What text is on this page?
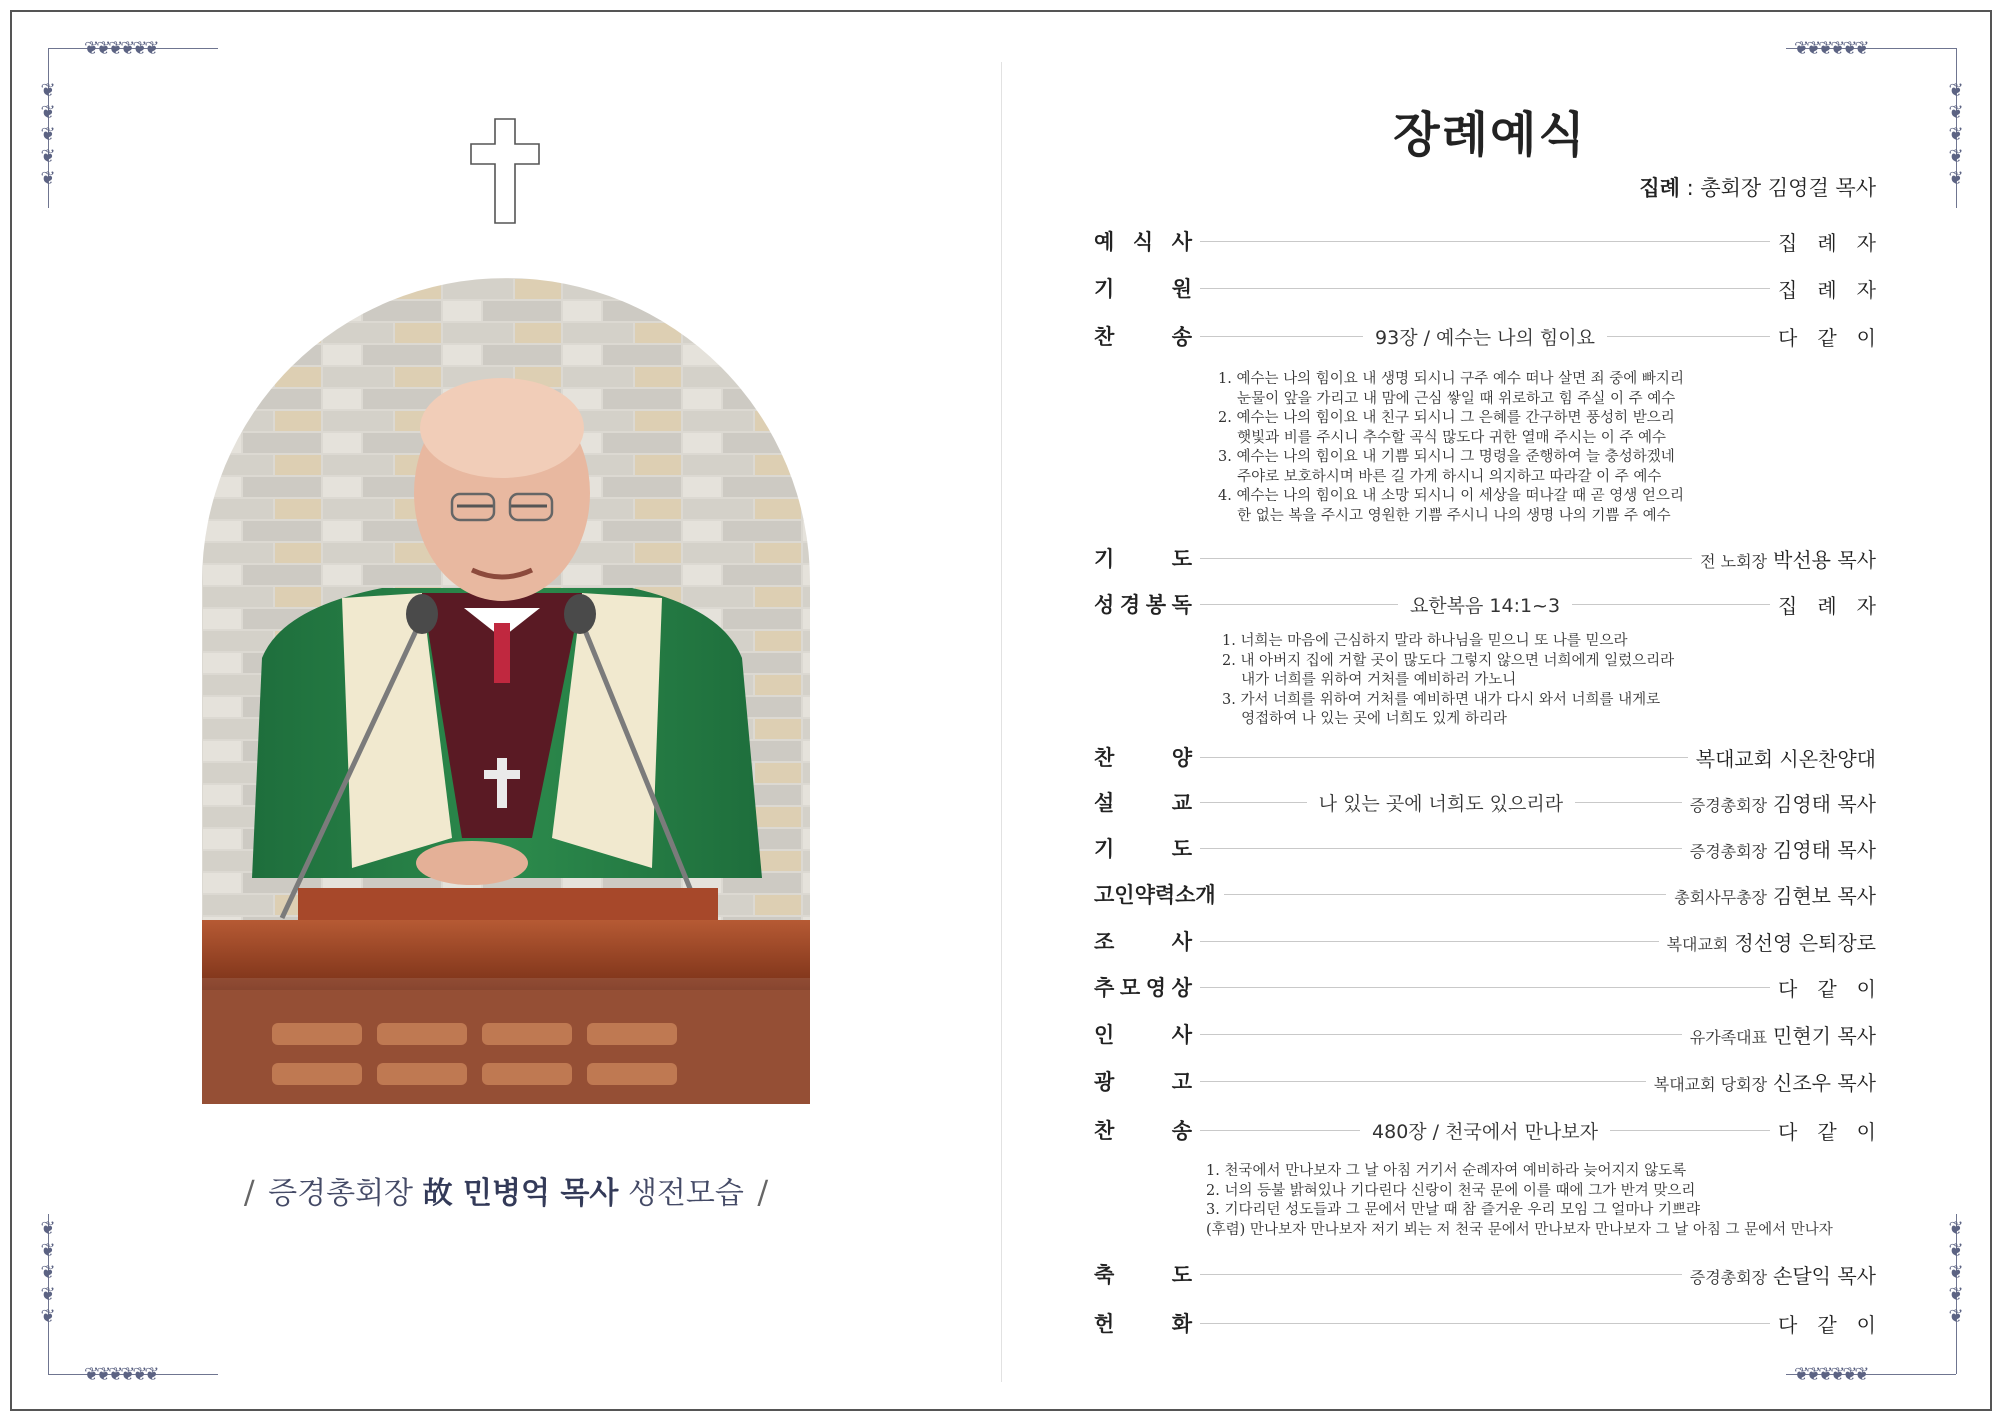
❦❦❦❦❦❦
❦
❦
❦
❦
❦
❦❦❦❦❦❦
❦
❦
❦
❦
❦
❦❦❦❦❦❦
❦
❦
❦
❦
❦
❦❦❦❦❦❦
❦
❦
❦
❦
❦
/ 증경총회장 故 민병억 목사 생전모습 /
장례예식
집례 : 총회장 김영걸 목사
예 식 사	집 례 자
기	원	집 례 자
찬	송	93장 / 예수는 나의 힘이요	다 같 이
기	도	전 노회장 박선용 목사
성 경 봉 독	요한복음 14:1~3	집 례 자
찬	양	복대교회 시온찬양대
설	교	나 있는 곳에 너희도 있으리라	증경총회장 김영태 목사
기	도	증경총회장 김영태 목사
고인약력소개	총회사무총장 김현보 목사
조	사	복대교회 정선영 은퇴장로
추 모 영 상	다 같 이
인	사	유가족대표 민현기 목사
광	고	복대교회 당회장 신조우 목사
찬	송	480장 / 천국에서 만나보자	다 같 이
축	도	증경총회장 손달익 목사
헌	화	다 같 이
1. 예수는 나의 힘이요 내 생명 되시니 구주 예수 떠나 살면 죄 중에 빠지리
  눈물이 앞을 가리고 내 맘에 근심 쌓일 때 위로하고 힘 주실 이 주 예수
2. 예수는 나의 힘이요 내 친구 되시니 그 은혜를 간구하면 풍성히 받으리
  햇빛과 비를 주시니 추수할 곡식 많도다 귀한 열매 주시는 이 주 예수
3. 예수는 나의 힘이요 내 기쁨 되시니 그 명령을 준행하여 늘 충성하겠네
  주야로 보호하시며 바른 길 가게 하시니 의지하고 따라갈 이 주 예수
4. 예수는 나의 힘이요 내 소망 되시니 이 세상을 떠나갈 때 곧 영생 얻으리
  한 없는 복을 주시고 영원한 기쁨 주시니 나의 생명 나의 기쁨 주 예수
1. 너희는 마음에 근심하지 말라 하나님을 믿으니 또 나를 믿으라
2. 내 아버지 집에 거할 곳이 많도다 그렇지 않으면 너희에게 일렀으리라
  내가 너희를 위하여 거처를 예비하러 가노니
3. 가서 너희를 위하여 거처를 예비하면 내가 다시 와서 너희를 내게로
  영접하여 나 있는 곳에 너희도 있게 하리라
1. 천국에서 만나보자 그 날 아침 거기서 순례자여 예비하라 늦어지지 않도록
2. 너의 등불 밝혀있나 기다린다 신랑이 천국 문에 이를 때에 그가 반겨 맞으리
3. 기다리던 성도들과 그 문에서 만날 때 참 즐거운 우리 모임 그 얼마나 기쁘랴
(후렴) 만나보자 만나보자 저기 뵈는 저 천국 문에서 만나보자 만나보자 그 날 아침 그 문에서 만나자
